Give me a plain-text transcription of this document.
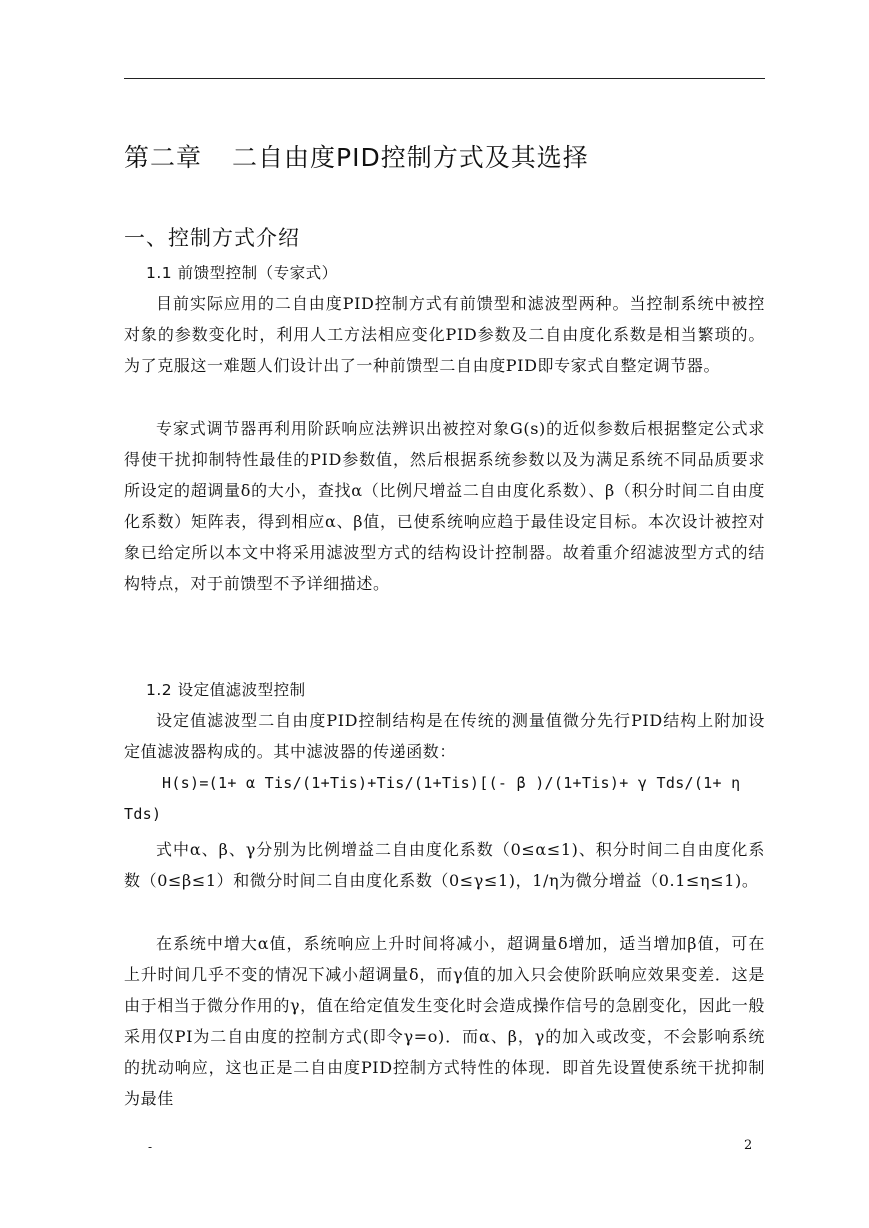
第二章 二自由度PID控制方式及其选择
一、控制方式介绍
1.1 前馈型控制（专家式）
目前实际应用的二自由度PID控制方式有前馈型和滤波型两种。当控制系统中被控对象的参数变化时，利用人工方法相应变化PID参数及二自由度化系数是相当繁琐的。为了克服这一难题人们设计出了一种前馈型二自由度PID即专家式自整定调节器。
专家式调节器再利用阶跃响应法辨识出被控对象G(s)的近似参数后根据整定公式求得使干扰抑制特性最佳的PID参数值，然后根据系统参数以及为满足系统不同品质要求所设定的超调量δ的大小，查找α（比例尺增益二自由度化系数）、β（积分时间二自由度化系数）矩阵表，得到相应α、β值，已使系统响应趋于最佳设定目标。本次设计被控对象已给定所以本文中将采用滤波型方式的结构设计控制器。故着重介绍滤波型方式的结构特点，对于前馈型不予详细描述。
1.2 设定值滤波型控制
设定值滤波型二自由度PID控制结构是在传统的测量值微分先行PID结构上附加设定值滤波器构成的。其中滤波器的传递函数：
H(s)=(1+ α Tis/(1+Tis)+Tis/(1+Tis)[(- β )/(1+Tis)+ γ Tds/(1+ η Tds)
式中α、β、γ分别为比例增益二自由度化系数（0≤α≤1)、积分时间二自由度化系数（0≤β≤1）和微分时间二自由度化系数（0≤γ≤1)，1/η为微分增益（0.1≤η≤1)。
在系统中增大α值，系统响应上升时间将减小，超调量δ增加，适当增加β值，可在上升时间几乎不变的情况下减小超调量δ，而γ值的加入只会使阶跃响应效果变差．这是由于相当于微分作用的γ，值在给定值发生变化时会造成操作信号的急剧变化，因此一般采用仅PI为二自由度的控制方式(即令γ=o)．而α、β，γ的加入或改变，不会影响系统的扰动响应，这也正是二自由度PID控制方式特性的体现．即首先设置使系统干扰抑制为最佳
-	2
